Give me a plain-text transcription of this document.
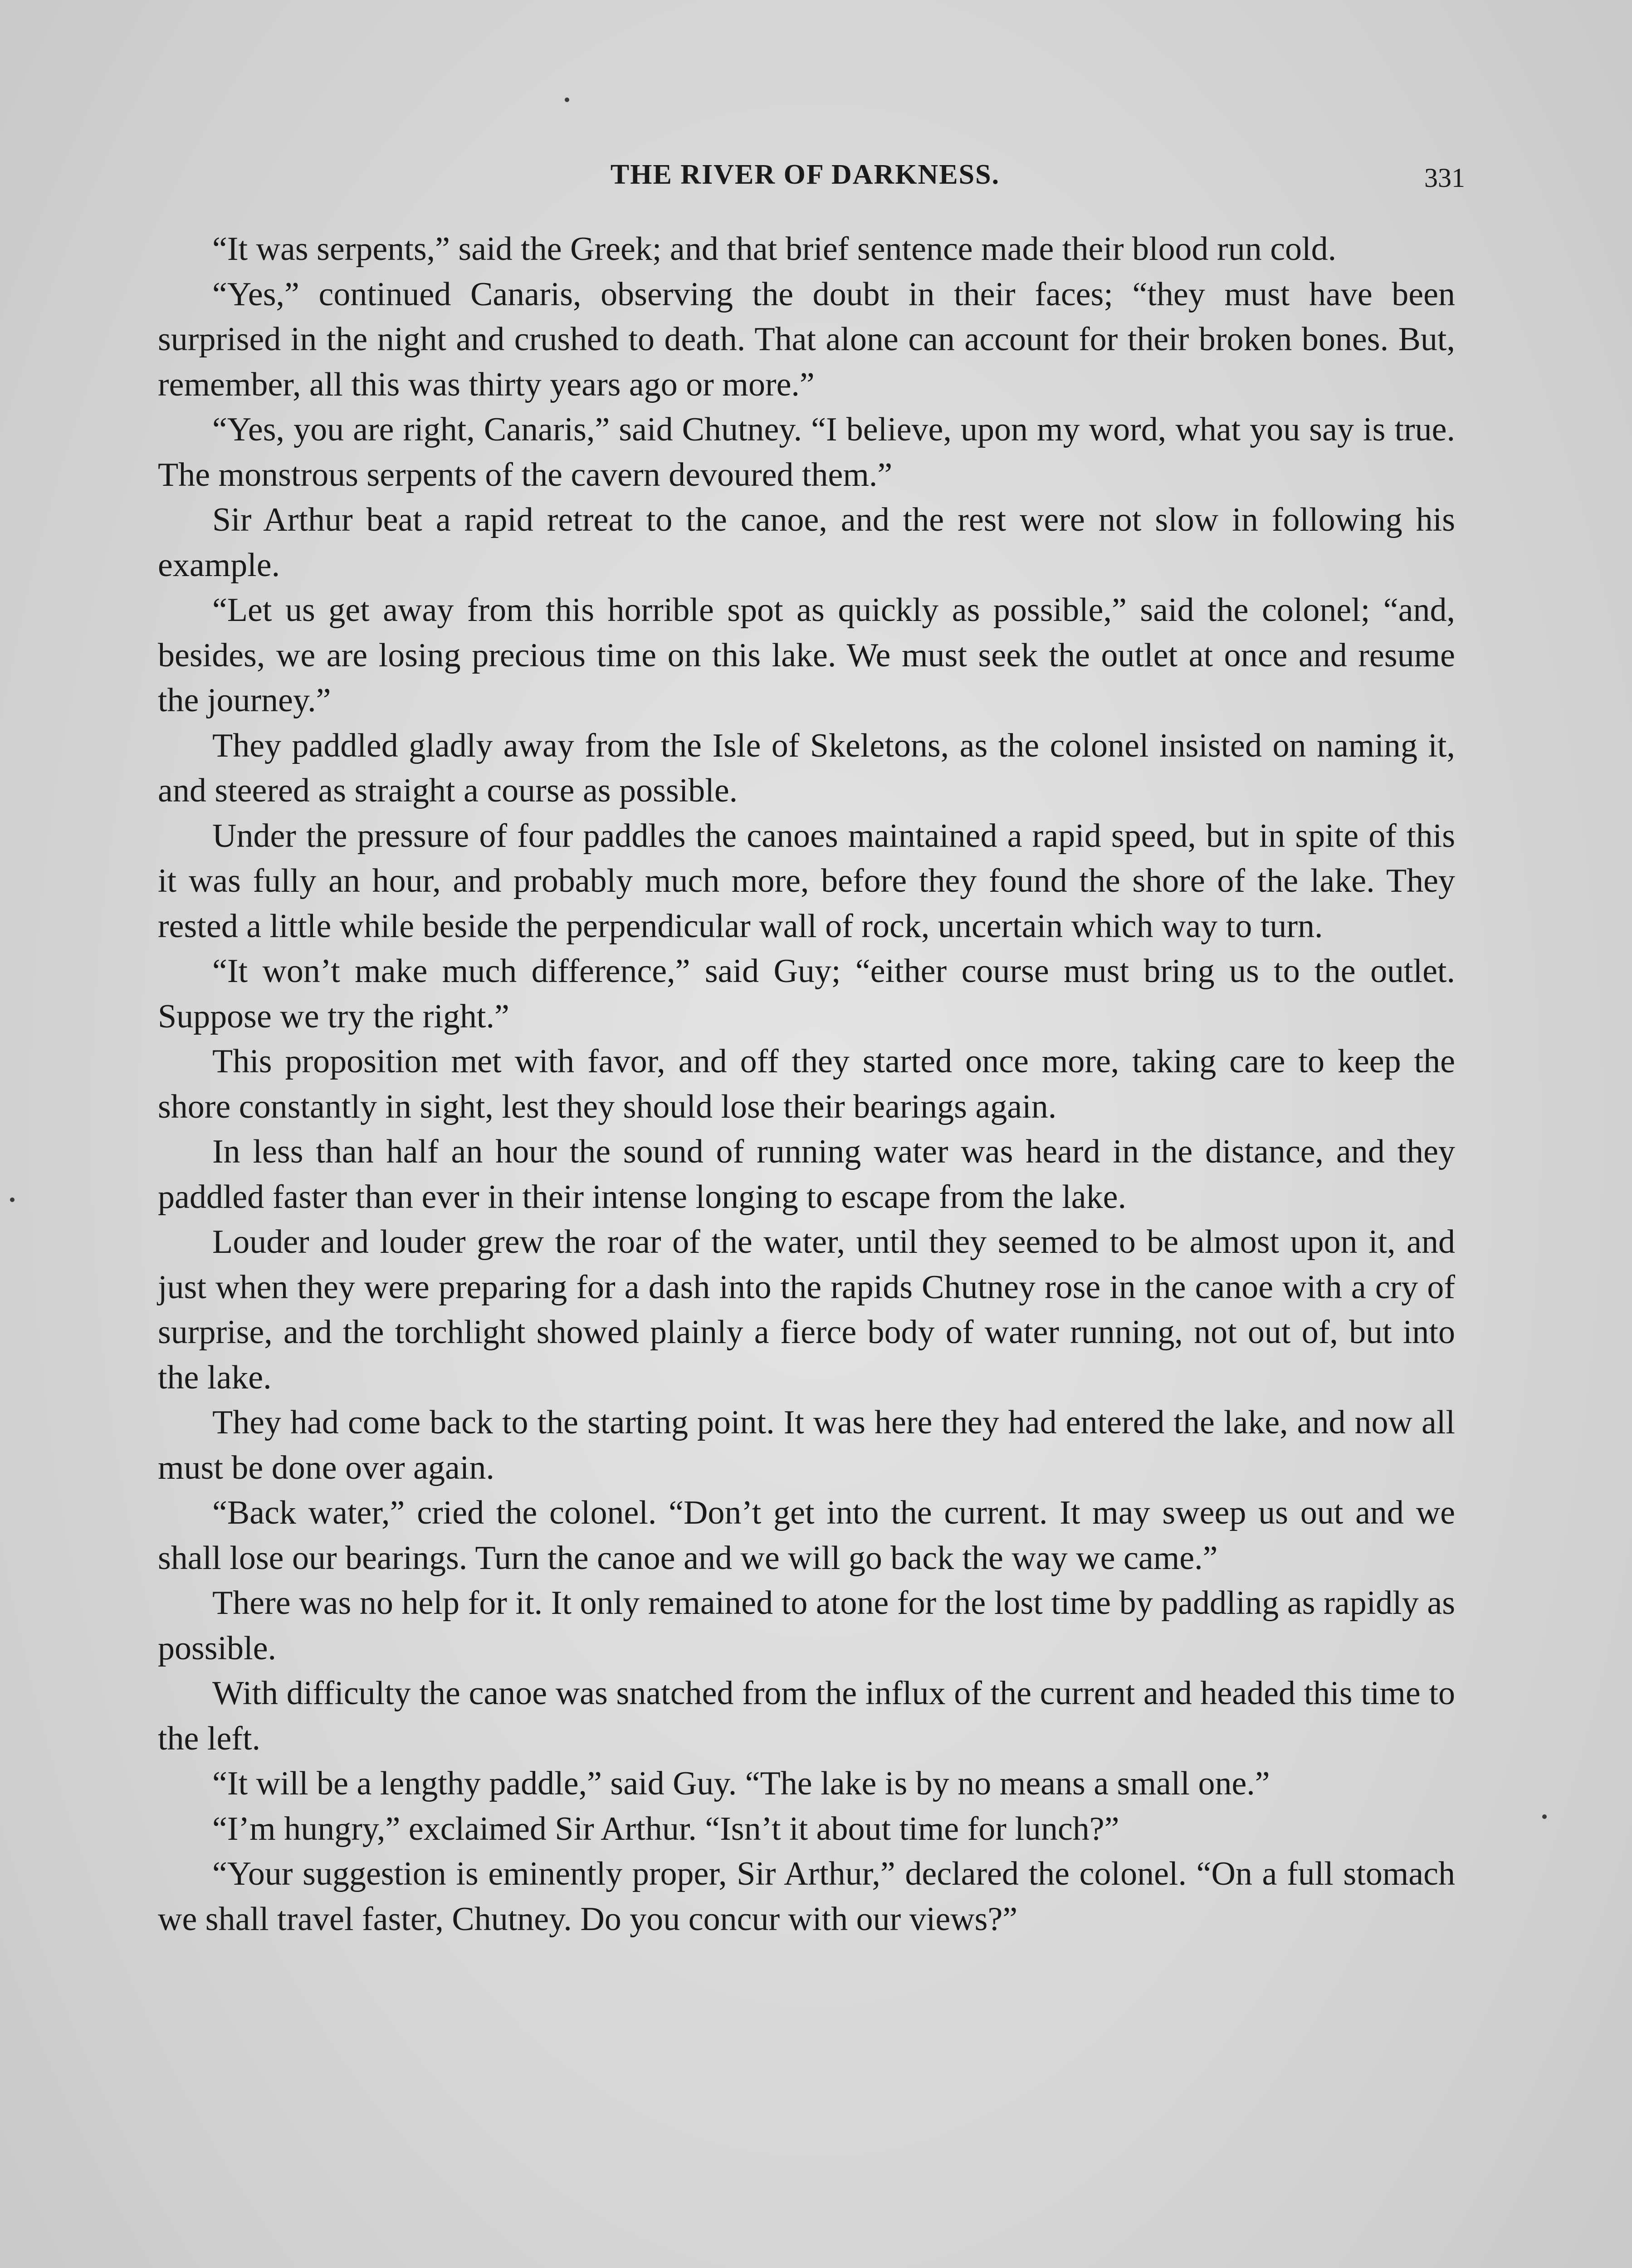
THE RIVER OF DARKNESS.	331

“It was serpents,” said the Greek; and that brief sentence made their blood run cold.

“Yes,” continued Canaris, observing the doubt in their faces; “they must have been surprised in the night and crushed to death. That alone can account for their broken bones. But, remember, all this was thirty years ago or more.”

“Yes, you are right, Canaris,” said Chutney. “I believe, upon my word, what you say is true. The monstrous serpents of the cavern devoured them.”

Sir Arthur beat a rapid retreat to the canoe, and the rest were not slow in following his example.

“Let us get away from this horrible spot as quickly as possible,” said the colonel; “and, besides, we are losing precious time on this lake. We must seek the outlet at once and resume the journey.”

They paddled gladly away from the Isle of Skeletons, as the colonel insisted on naming it, and steered as straight a course as possible.

Under the pressure of four paddles the canoes maintained a rapid speed, but in spite of this it was fully an hour, and probably much more, before they found the shore of the lake. They rested a little while beside the perpendicular wall of rock, uncertain which way to turn.

“It won’t make much difference,” said Guy; “either course must bring us to the outlet. Suppose we try the right.”

This proposition met with favor, and off they started once more, taking care to keep the shore constantly in sight, lest they should lose their bearings again.

In less than half an hour the sound of running water was heard in the distance, and they paddled faster than ever in their intense longing to escape from the lake.

Louder and louder grew the roar of the water, until they seemed to be almost upon it, and just when they were preparing for a dash into the rapids Chutney rose in the canoe with a cry of surprise, and the torchlight showed plainly a fierce body of water running, not out of, but into the lake.

They had come back to the starting point. It was here they had entered the lake, and now all must be done over again.

“Back water,” cried the colonel. “Don’t get into the current. It may sweep us out and we shall lose our bearings. Turn the canoe and we will go back the way we came.”

There was no help for it. It only remained to atone for the lost time by paddling as rapidly as possible.

With difficulty the canoe was snatched from the influx of the current and headed this time to the left.

“It will be a lengthy paddle,” said Guy. “The lake is by no means a small one.”

“I’m hungry,” exclaimed Sir Arthur. “Isn’t it about time for lunch?”

“Your suggestion is eminently proper, Sir Arthur,” declared the colonel. “On a full stomach we shall travel faster, Chutney. Do you concur with our views?”
